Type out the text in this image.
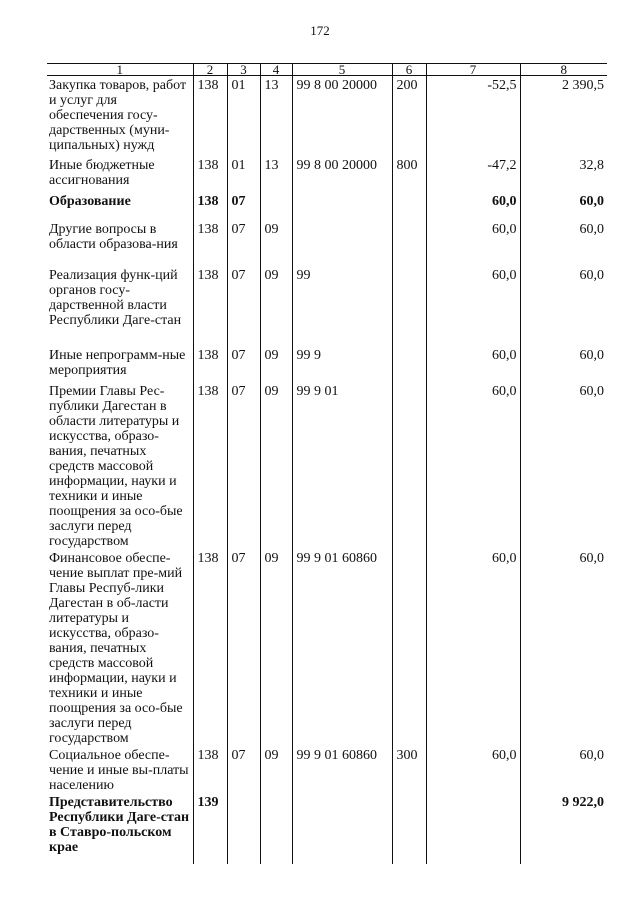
172
1	2	3	4	5	6	7	8
Закупка товаров, работ и услуг для обеспечения госу-дарственных (муни-ципальных) нужд	138	01	13	99 8 00 20000	200	-52,5	2 390,5
Иные бюджетные ассигнования	138	01	13	99 8 00 20000	800	-47,2	32,8
Образование	138	07				60,0	60,0
Другие вопросы в области образова-ния	138	07	09			60,0	60,0
Реализация функ-ций органов госу-дарственной власти Республики Даге-стан	138	07	09	99		60,0	60,0
Иные непрограмм-ные мероприятия	138	07	09	99 9		60,0	60,0
Премии Главы Рес-публики Дагестан в области литературы и искусства, образо-вания, печатных средств массовой информации, науки и техники и иные поощрения за осо-бые заслуги перед государством	138	07	09	99 9 01		60,0	60,0
Финансовое обеспе-чение выплат пре-мий Главы Респуб-лики Дагестан в об-ласти литературы и искусства, образо-вания, печатных средств массовой информации, науки и техники и иные поощрения за осо-бые заслуги перед государством	138	07	09	99 9 01 60860		60,0	60,0
Социальное обеспе-чение и иные вы-платы населению	138	07	09	99 9 01 60860	300	60,0	60,0
Представительство Республики Даге-стан в Ставро-польском крае	139						9 922,0
